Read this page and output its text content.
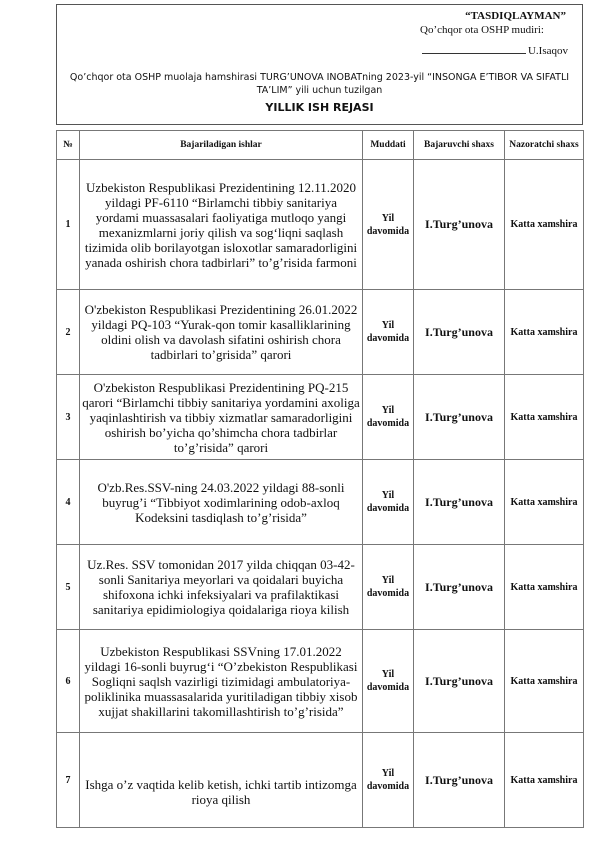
“TASDIQLAYMAN”
Qo’chqor ota OSHP mudiri:
U.Isaqov
Qo’chqor ota OSHP muolaja hamshirasi TURG’UNOVA INOBATning 2023-yil “INSONGA E’TIBOR VA SIFATLI TA’LIM” yili uchun tuzilgan
YILLIK ISH REJASI
№	Bajariladigan ishlar	Muddati	Bajaruvchi shaxs	Nazoratchi shaxs
1	Uzbekiston Respublikasi Prezidentining 12.11.2020 yildagi PF-6110 “Birlamchi tibbiy sanitariya yordami muassasalari faoliyatiga mutloqo yangi mexanizmlarni joriy qilish va sog‘liqni saqlash tizimida olib borilayotgan isloxotlar samaradorligini yanada oshirish chora tadbirlari” to’g’risida farmoni	Yil davomida	I.Turg’unova	Katta xamshira
2	O'zbekiston Respublikasi Prezidentining 26.01.2022 yildagi PQ-103 “Yurak-qon tomir kasalliklarining oldini olish va davolash sifatini oshirish chora tadbirlari to’grisida” qarori	Yil davomida	I.Turg’unova	Katta xamshira
3	O'zbekiston Respublikasi Prezidentining PQ-215 qarori “Birlamchi tibbiy sanitariya yordamini axoliga yaqinlashtirish va tibbiy xizmatlar samaradorligini oshirish bo’yicha qo’shimcha chora tadbirlar to’g’risida” qarori	Yil davomida	I.Turg’unova	Katta xamshira
4	O'zb.Res.SSV-ning 24.03.2022 yildagi 88-sonli buyrug’i “Tibbiyot xodimlarining odob-axloq Kodeksini tasdiqlash to’g’risida”	Yil davomida	I.Turg’unova	Katta xamshira
5	Uz.Res. SSV tomonidan 2017 yilda chiqqan 03-42-sonli Sanitariya meyorlari va qoidalari buyicha shifoxona ichki infeksiyalari va prafilaktikasi sanitariya epidimiologiya qoidalariga rioya kilish	Yil davomida	I.Turg’unova	Katta xamshira
6	Uzbekiston Respublikasi SSVning 17.01.2022 yildagi 16-sonli buyrug‘i “O’zbekiston Respublikasi Sogliqni saqlsh vazirligi tizimidagi ambulatoriya-poliklinika muassasalarida yuritiladigan tibbiy xisob xujjat shakillarini takomillashtirish to’g’risida”	Yil davomida	I.Turg’unova	Katta xamshira
7	Ishga o’z vaqtida kelib ketish, ichki tartib intizomga rioya qilish	Yil davomida	I.Turg’unova	Katta xamshira
